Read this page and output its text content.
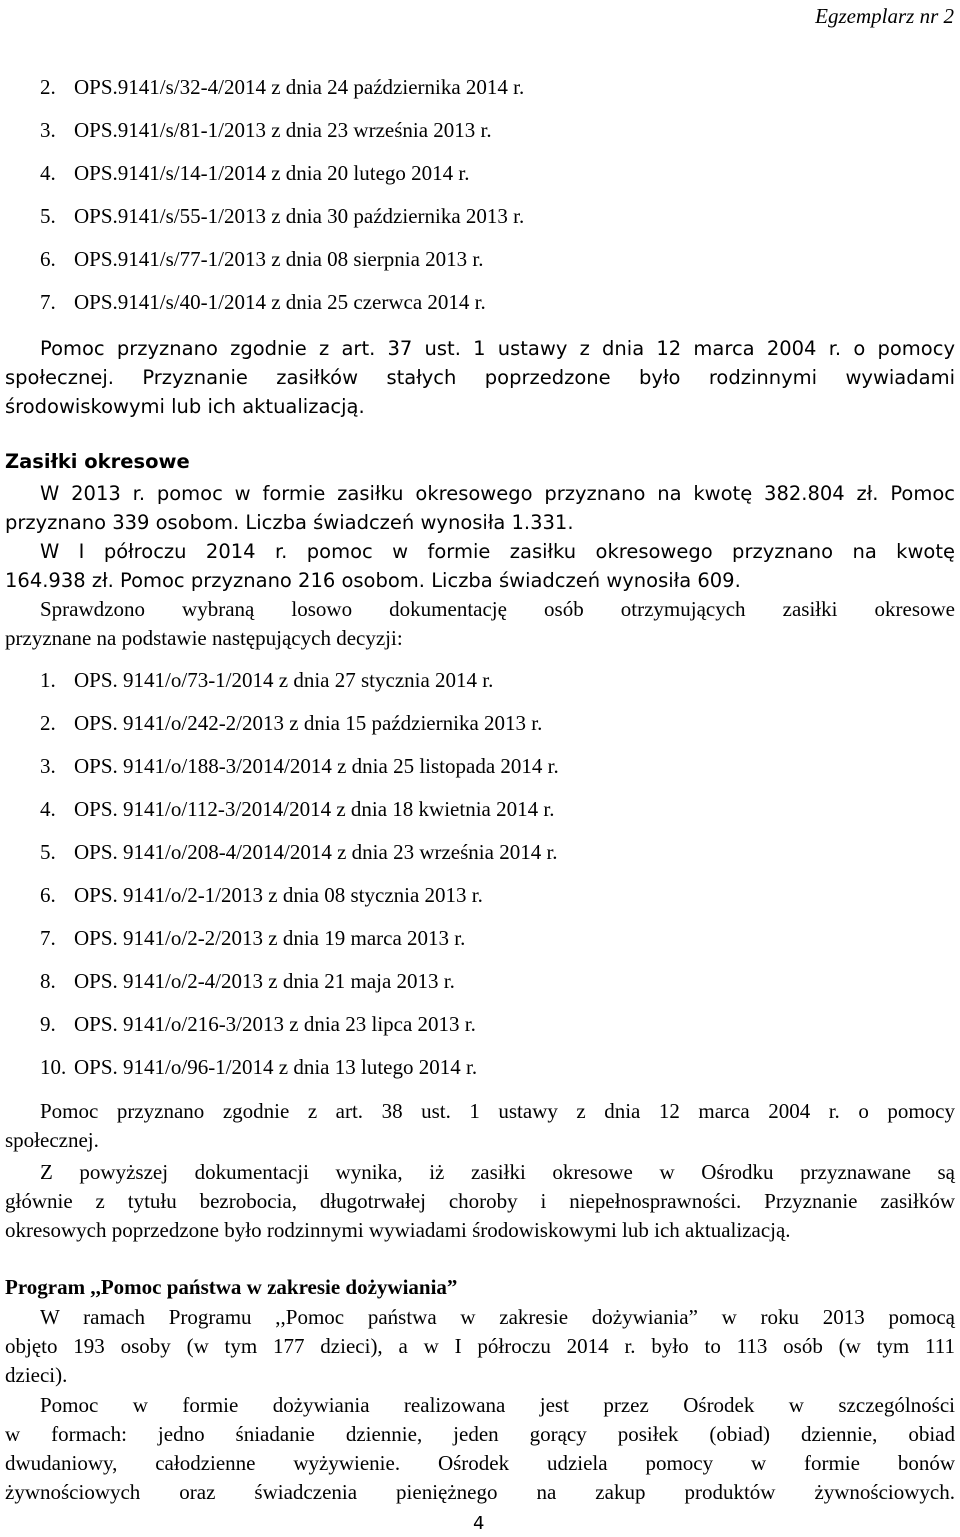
Egzemplarz nr 2
2. OPS.9141/s/32-4/2014 z dnia 24 października 2014 r.
3. OPS.9141/s/81-1/2013 z dnia 23 września 2013 r.
4. OPS.9141/s/14-1/2014 z dnia 20 lutego 2014 r.
5. OPS.9141/s/55-1/2013 z dnia 30 października 2013 r.
6. OPS.9141/s/77-1/2013 z dnia 08 sierpnia 2013 r.
7. OPS.9141/s/40-1/2014 z dnia 25 czerwca 2014 r.
Pomoc przyznano zgodnie z art. 37 ust. 1 ustawy z dnia 12 marca 2004 r. o pomocy
społecznej. Przyznanie zasiłków stałych poprzedzone było rodzinnymi wywiadami
środowiskowymi lub ich aktualizacją.
Zasiłki okresowe
W 2013 r. pomoc w formie zasiłku okresowego przyznano na kwotę 382.804 zł. Pomoc
przyznano 339 osobom. Liczba świadczeń wynosiła 1.331.
W I półroczu 2014 r. pomoc w formie zasiłku okresowego przyznano na kwotę
164.938 zł. Pomoc przyznano 216 osobom. Liczba świadczeń wynosiła 609.
Sprawdzono wybraną losowo dokumentację osób otrzymujących zasiłki okresowe
przyznane na podstawie następujących decyzji:
1. OPS. 9141/o/73-1/2014 z dnia 27 stycznia 2014 r.
2. OPS. 9141/o/242-2/2013 z dnia 15 października 2013 r.
3. OPS. 9141/o/188-3/2014/2014 z dnia 25 listopada 2014 r.
4. OPS. 9141/o/112-3/2014/2014 z dnia 18 kwietnia 2014 r.
5. OPS. 9141/o/208-4/2014/2014 z dnia 23 września 2014 r.
6. OPS. 9141/o/2-1/2013 z dnia 08 stycznia 2013 r.
7. OPS. 9141/o/2-2/2013 z dnia 19 marca 2013 r.
8. OPS. 9141/o/2-4/2013 z dnia 21 maja 2013 r.
9. OPS. 9141/o/216-3/2013 z dnia 23 lipca 2013 r.
10. OPS. 9141/o/96-1/2014 z dnia 13 lutego 2014 r.
Pomoc przyznano zgodnie z art. 38 ust. 1 ustawy z dnia 12 marca 2004 r. o pomocy
społecznej.
Z powyższej dokumentacji wynika, iż zasiłki okresowe w Ośrodku przyznawane są
głównie z tytułu bezrobocia, długotrwałej choroby i niepełnosprawności. Przyznanie zasiłków
okresowych poprzedzone było rodzinnymi wywiadami środowiskowymi lub ich aktualizacją.
Program ,,Pomoc państwa w zakresie dożywiania”
W ramach Programu ,,Pomoc państwa w zakresie dożywiania” w roku 2013 pomocą
objęto 193 osoby (w tym 177 dzieci), a w I półroczu 2014 r. było to 113 osób (w tym 111
dzieci).
Pomoc w formie dożywiania realizowana jest przez Ośrodek w szczególności
w formach: jedno śniadanie dziennie, jeden gorący posiłek (obiad) dziennie, obiad
dwudaniowy, całodzienne wyżywienie. Ośrodek udziela pomocy w formie bonów
żywnościowych oraz świadczenia pieniężnego na zakup produktów żywnościowych.
4
